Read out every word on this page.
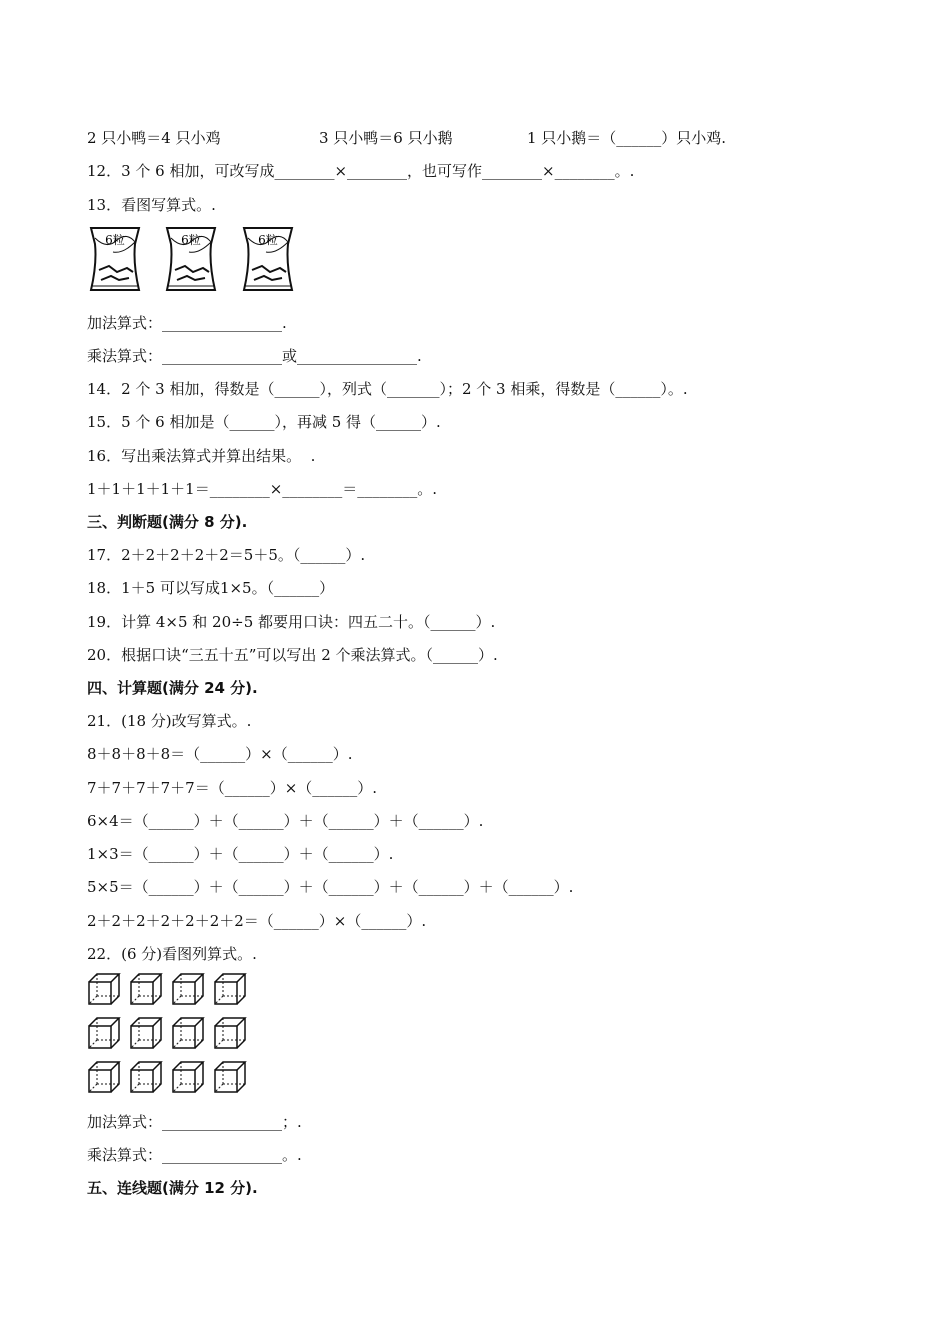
2 只小鸭＝4 只小鸡	3 只小鸭＝6 只小鹅	1 只小鹅＝（______）只小鸡.
12．3 个 6 相加，可改写成________×________，也可写作________×________。.
13．看图写算式。.
6粒	6粒	6粒
加法算式：________________.
乘法算式：________________或________________.
14．2 个 3 相加，得数是（______），列式（_______）；2 个 3 相乘，得数是（______）。.
15．5 个 6 相加是（______），再减 5 得（______）.
16．写出乘法算式并算出结果。  .
1＋1＋1＋1＋1＝________×________＝________。.
三、判断题(满分 8 分).
17．2＋2＋2＋2＋2＝5＋5。（______）.
18．1＋5 可以写成1×5。（______）
19．计算 4×5 和 20÷5 都要用口诀：四五二十。（______）.
20．根据口诀“三五十五”可以写出 2 个乘法算式。（______）.
四、计算题(满分 24 分).
21．(18 分)改写算式。.
8＋8＋8＋8＝（______）×（______）.
7＋7＋7＋7＋7＝（______）×（______）.
6×4＝（______）＋（______）＋（______）＋（______）.
1×3＝（______）＋（______）＋（______）.
5×5＝（______）＋（______）＋（______）＋（______）＋（______）.
2＋2＋2＋2＋2＋2＋2＝（______）×（______）.
22．(6 分)看图列算式。.
加法算式：________________；.
乘法算式：________________。.
五、连线题(满分 12 分).
